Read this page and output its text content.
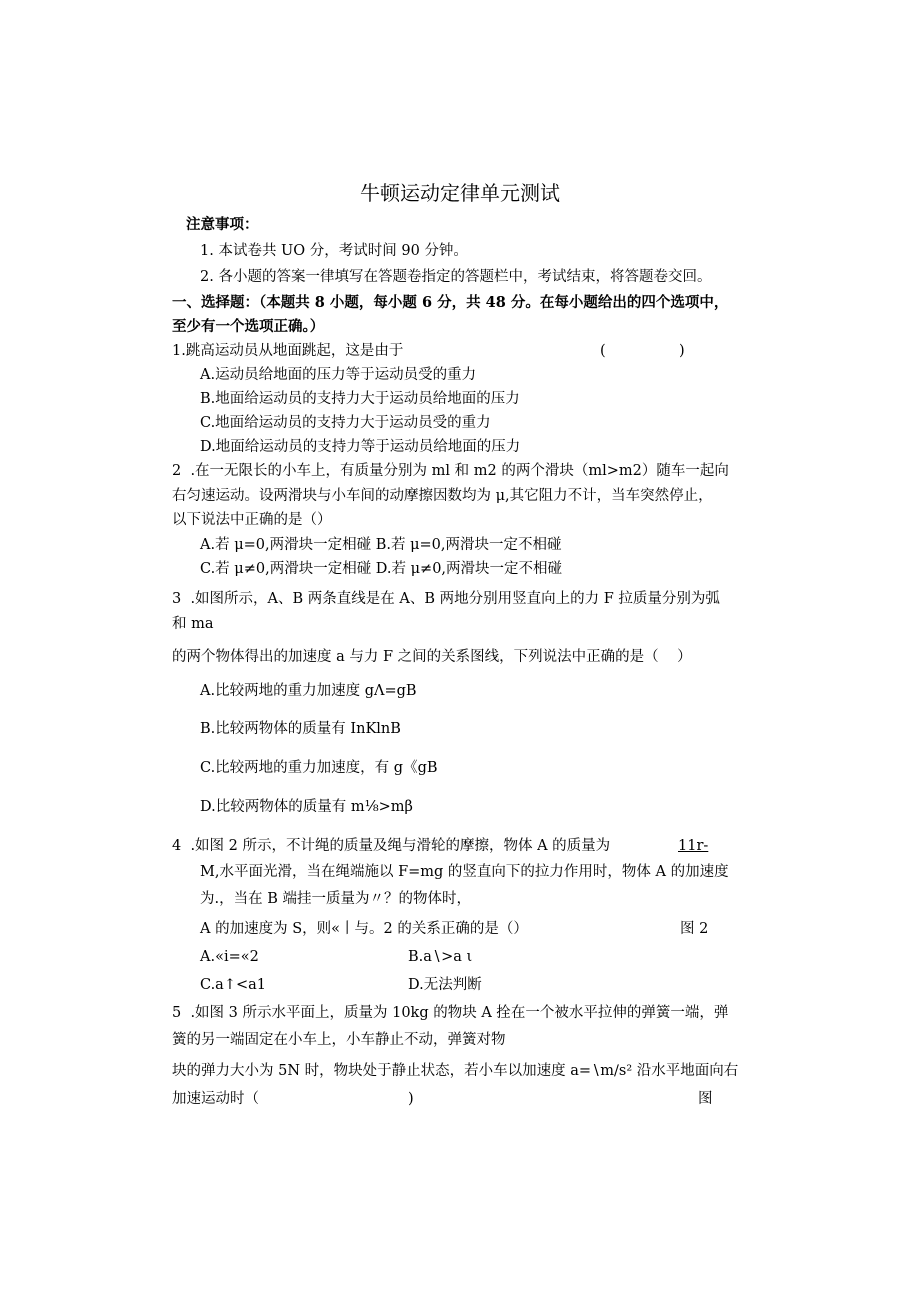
牛顿运动定律单元测试
注意事项：
1. 本试卷共 UO 分，考试时间 90 分钟。
2. 各小题的答案一律填写在答题卷指定的答题栏中，考试结束，将答题卷交回。
一、选择题：（本题共 8 小题，每小题 6 分，共 48 分。在每小题给出的四个选项中，
至少有一个选项正确。）
1.跳高运动员从地面跳起，这是由于	(	)
A.运动员给地面的压力等于运动员受的重力
B.地面给运动员的支持力大于运动员给地面的压力
C.地面给运动员的支持力大于运动员受的重力
D.地面给运动员的支持力等于运动员给地面的压力
2  .在一无限长的小车上，有质量分别为 ml 和 m2 的两个滑块（ml>m2）随车一起向
右匀速运动。设两滑块与小车间的动摩擦因数均为 μ,其它阻力不计，当车突然停止，
以下说法中正确的是（）
A.若 μ=0,两滑块一定相碰 B.若 μ=0,两滑块一定不相碰
C.若 μ≠0,两滑块一定相碰 D.若 μ≠0,两滑块一定不相碰
3  .如图所示，A、B 两条直线是在 A、B 两地分别用竖直向上的力 F 拉质量分别为弧
和 ma
的两个物体得出的加速度 a 与力 F 之间的关系图线，下列说法中正确的是（    ）
A.比较两地的重力加速度 gΛ=gB
B.比较两物体的质量有 InKlnB
C.比较两地的重力加速度，有 g《gB
D.比较两物体的质量有 m⅛>mβ
4  .如图 2 所示，不计绳的质量及绳与滑轮的摩擦，物体 A 的质量为	11r-
M,水平面光滑，当在绳端施以 F=mg 的竖直向下的拉力作用时，物体 A 的加速度
为.，当在 B 端挂一质量为〃？的物体时，
A 的加速度为 S，则«丨与。2 的关系正确的是（）	图 2
A.«i=«2	B.a∖>a ι
C.a↑<a1	D.无法判断
5  .如图 3 所示水平面上，质量为 10kg 的物块 A 拴在一个被水平拉伸的弹簧一端，弹
簧的另一端固定在小车上，小车静止不动，弹簧对物
块的弹力大小为 5N 时，物块处于静止状态，若小车以加速度 a=∖m∕s² 沿水平地面向右
加速运动时（	)	图
